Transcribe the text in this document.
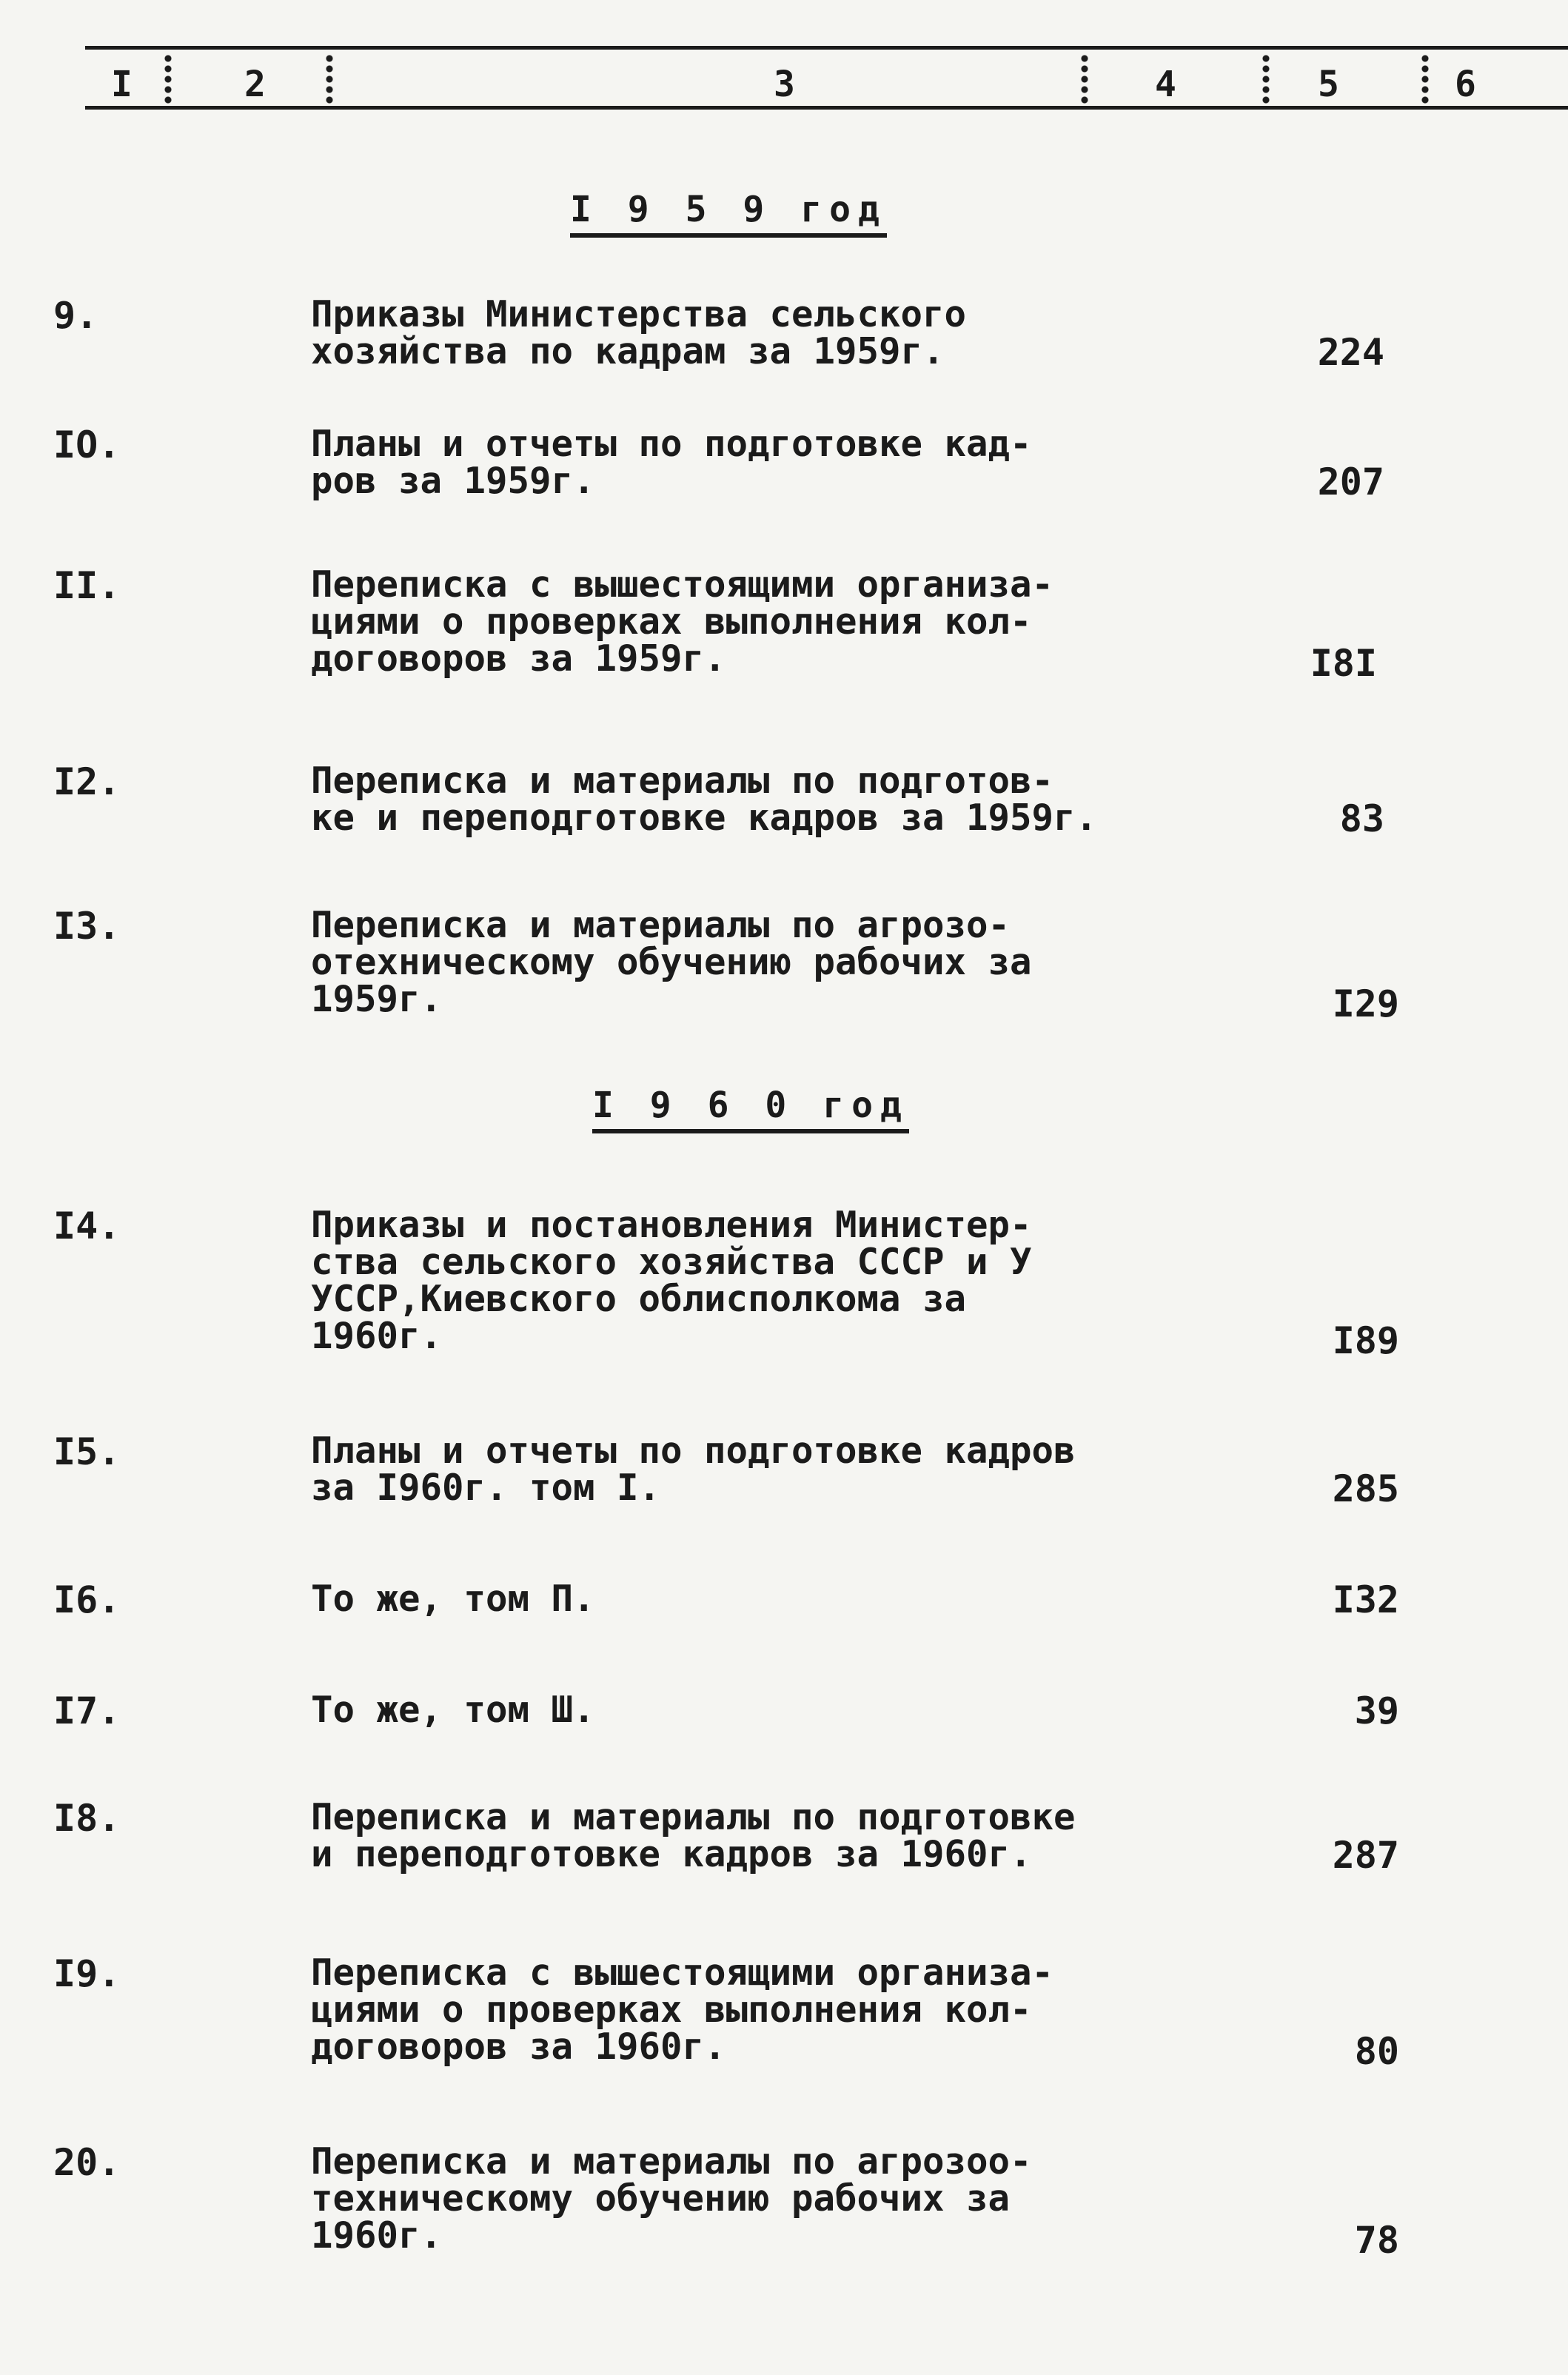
I	2	3	4	5	6
I 9 5 9 год
9.	Приказы Министерства сельского
хозяйства по кадрам за 1959г.	224
IO.	Планы и отчеты по подготовке кад-
ров за 1959г.	207
II.	Переписка с вышестоящими организа-
циями о проверках выполнения кол-
договоров за 1959г.	I8I
I2.	Переписка и материалы по подготов-
ке и переподготовке кадров за 1959г.	83
I3.	Переписка и материалы по агрозо-
отехническому обучению рабочих за
1959г.	I29
I 9 6 0 год
I4.	Приказы и постановления Министер-
ства сельского хозяйства СССР и У
УССР,Киевского облисполкома за
1960г.	I89
I5.	Планы и отчеты по подготовке кадров
за I960г. том I.	285
I6.	То же, том П.	I32
I7.	То же, том Ш.	39
I8.	Переписка и материалы по подготовке
и переподготовке кадров за 1960г.	287
I9.	Переписка с вышестоящими организа-
циями о проверках выполнения кол-
договоров за 1960г.	80
20.	Переписка и материалы по агрозоо-
техническому обучению рабочих за
1960г.	78
